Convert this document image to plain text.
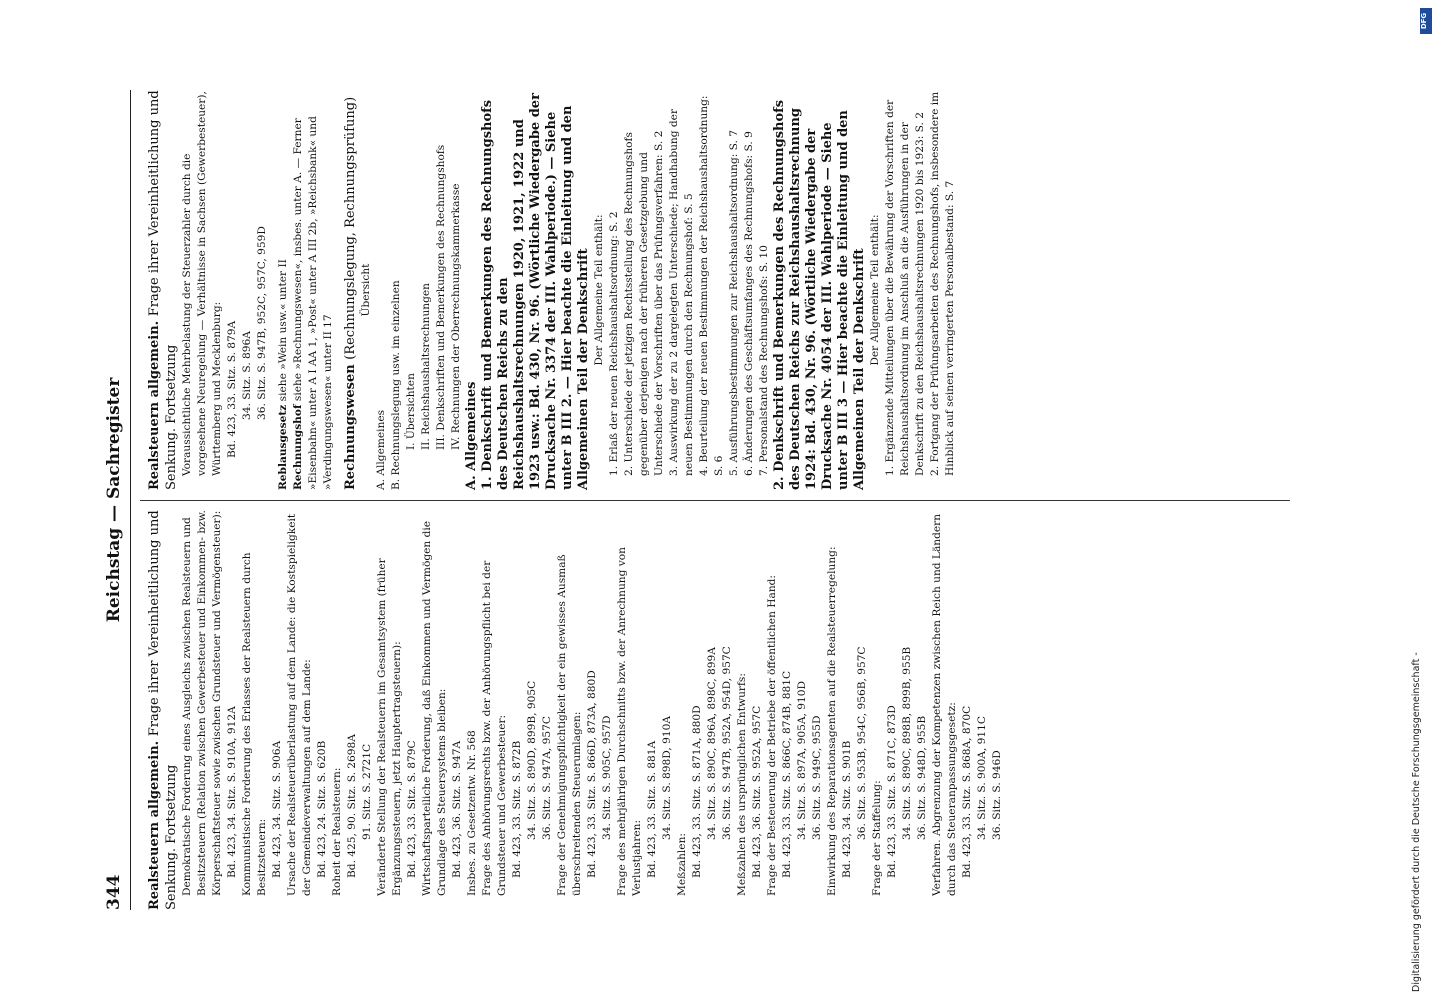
344
Reichstag — Sachregister
Realsteuern allgemein. Frage ihrer Vereinheitlichung und Senkung. Fortsetzung Demokratische Forderung eines Ausgleichs zwischen Realsteuern und Besitzsteuern (Relation zwischen Gewerbesteuer und Einkommen- bzw. Körperschaftsteuer sowie zwischen Grundsteuer und Vermögensteuer): Bd. 423, 34. Sitz. S. 910A, 912A Kommunistische Forderung des Erlasses der Realsteuern durch Besitzsteuern: Bd. 423, 34. Sitz. S. 906A Ursache der Realsteuerüberlastung auf dem Lande: die Kostspieligkeit der Gemeindeverwaltungen auf dem Lande: Bd. 423, 24. Sitz. S. 620B Roheit der Realsteuern: Bd. 425, 90. Sitz. S. 2698A 91. Sitz. S. 2721C Veränderte Stellung der Realsteuern im Gesamtsystem (früher Ergänzungssteuern, jetzt Hauptertragsteuern): Bd. 423, 33. Sitz. S. 879C Wirtschaftsparteiliche Forderung, daß Einkommen und Vermögen die Grundlage des Steuersystems bleiben: Bd. 423, 36. Sitz. S. 947A Insbes. zu Gesetzentw. Nr. 568 Frage des Anhörungsrechts bzw. der Anhörungspflicht bei der Grundsteuer und Gewerbesteuer: Bd. 423, 33. Sitz. S. 872B 34. Sitz. S. 890D, 899B, 905C 36. Sitz. S. 947A, 957C Frage der Genehmigungspflichtigkeit der ein gewisses Ausmaß überschreitenden Steuerumlagen: Bd. 423, 33. Sitz. S. 866D, 873A, 880D 34. Sitz. S. 905C, 957D Frage des mehrjährigen Durchschnitts bzw. der Anrechnung von Verlustjahren: Bd. 423, 33. Sitz. S. 881A 34. Sitz. S. 898D, 910A

Meßzahlen: Bd. 423, 33. Sitz. S. 871A, 880D 34. Sitz. S. 890C, 896A, 898C, 899A 36. Sitz. S. 947B, 952A, 954D, 957C Meßzahlen des ursprünglichen Entwurfs: Bd. 423, 36. Sitz. S. 952A, 957C Frage der Besteuerung der Betriebe der öffentlichen Hand: Bd. 423, 33. Sitz. S. 866C, 874B, 881C 34. Sitz. S. 897A, 905A, 910D 36. Sitz. S. 949C, 955D Einwirkung des Reparationsagenten auf die Realsteuerregelung: Bd. 423, 34. Sitz. S. 901B 36. Sitz. S. 953B, 954C, 956B, 957C Frage der Staffelung: Bd. 423, 33. Sitz. S. 871C, 873D 34. Sitz. S. 890C, 898B, 899B, 955B 36. Sitz. S. 948D, 955B Verfahren. Abgrenzung der Kompetenzen zwischen Reich und Ländern durch das Steueranpassungsgesetz: Bd. 423, 33. Sitz. S. 868A, 870C 34. Sitz. S. 900A, 911C 36. Sitz. S. 946D

Realsteuern allgemein. Frage ihrer Vereinheitlichung und Senkung. Fortsetzung Voraussichtliche Mehrbelastung der Steuerzahler durch die vorgesehene Neuregelung — Verhältnisse in Sachsen (Gewerbesteuer), Württemberg und Mecklenburg: Bd. 423, 33. Sitz. S. 879A 34. Sitz. S. 896A 36. Sitz. S. 947B, 952C, 957C, 959D

Reblausgesetz siehe »Wein usw.« unter II

Rechnungshof siehe »Rechnungswesen«, insbes. unter A. — Ferner »Eisenbahn« unter A I AA 1, »Post« unter A III 2b, »Reichsbank« und »Verdingungswesen« unter II 17 Rechnungswesen (Rechnungslegung, Rechnungsprüfung) Übersicht

A. Allgemeines B. Rechnungslegung usw. im einzelnen I. Übersichten II. Reichshaushaltsrechnungen III. Denkschriften und Bemerkungen des Rechnungshofs IV. Rechnungen der Oberrechnungskammerkasse A. Allgemeines 1. Denkschrift und Bemerkungen des Rechnungshofs des Deutschen Reichs zu den Reichshaushaltsrechnungen 1920, 1921, 1922 und 1923 usw.: Bd. 430, Nr. 96. (Wörtliche Wiedergabe der Drucksache Nr. 3374 der III. Wahlperiode.) — Siehe unter B III 2. — Hier beachte die Einleitung und den Allgemeinen Teil der Denkschrift Der Allgemeine Teil enthält: 1. Erlaß der neuen Reichshaushaltsordnung: S. 2 2. Unterschiede der jetzigen Rechtsstellung des Rechnungshofs gegenüber derjenigen nach der früheren Gesetzgebung und Unterschiede der Vorschriften über das Prüfungsverfahren: S. 2 3. Auswirkung der zu 2 dargelegten Unterschiede; Handhabung der neuen Bestimmungen durch den Rechnungshof: S. 5 4. Beurteilung der neuen Bestimmungen der Reichshaushaltsordnung: S. 6 5. Ausführungsbestimmungen zur Reichshaushaltsordnung: S. 7 6. Änderungen des Geschäftsumfanges des Rechnungshofs: S. 9 7. Personalstand des Rechnungshofs: S. 10 2. Denkschrift und Bemerkungen des Rechnungshofs des Deutschen Reichs zur Reichshaushaltsrechnung 1924: Bd. 430, Nr. 96. (Wörtliche Wiedergabe der Drucksache Nr. 4054 der III. Wahlperiode — Siehe unter B III 3 — Hier beachte die Einleitung und den Allgemeinen Teil der Denkschrift Der Allgemeine Teil enthält: 1. Ergänzende Mitteilungen über die Bewährung der Vorschriften der Reichshaushaltsordnung im Anschluß an die Ausführungen in der Denkschrift zu den Reichshaushaltsrechnungen 1920 bis 1923: S. 2 2. Fortgang der Prüfungsarbeiten des Rechnungshofs, insbesondere im Hinblick auf seinen verringerten Personalbestand: S. 7

Digitalisierung gefördert durch die Deutsche Forschungsgemeinschaft -
DFG
